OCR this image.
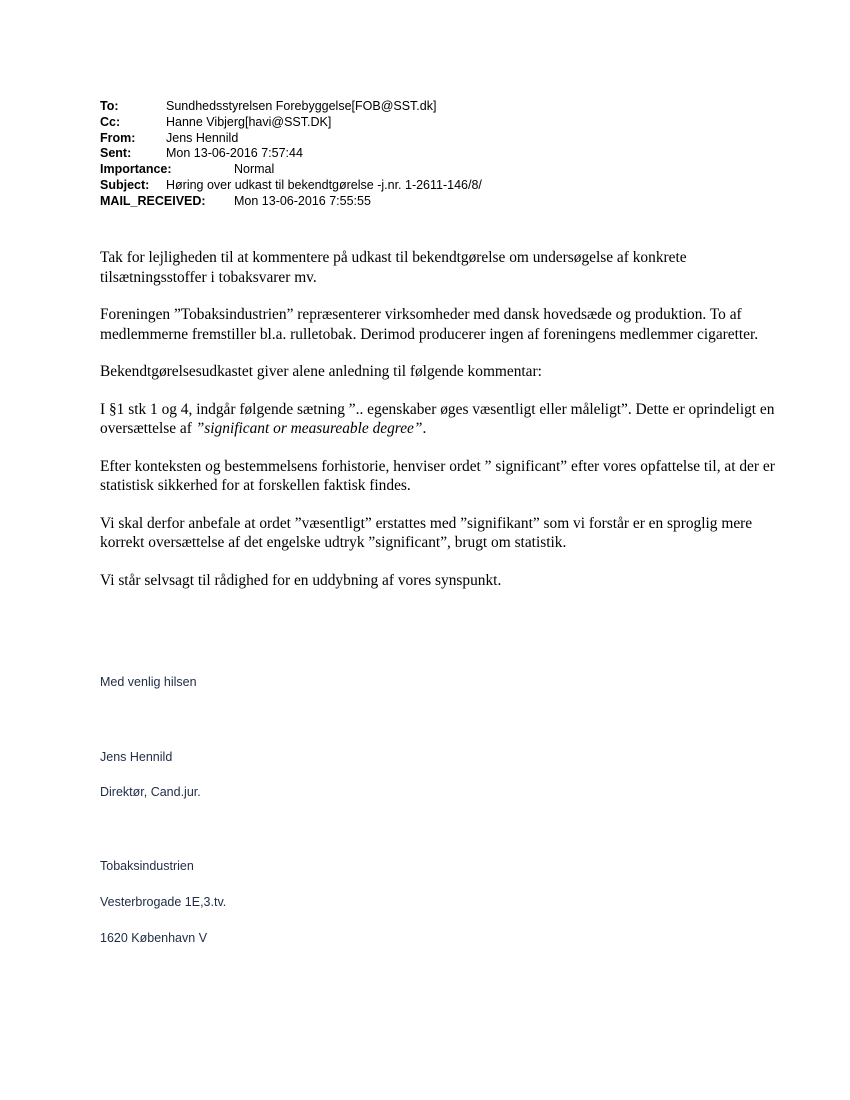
To:	Sundhedsstyrelsen Forebyggelse[FOB@SST.dk]
Cc:	Hanne Vibjerg[havi@SST.DK]
From: Jens Hennild
Sent:	Mon 13-06-2016 7:57:44
Importance:	Normal
Subject: Høring over udkast til bekendtgørelse -j.nr. 1-2611-146/8/
MAIL_RECEIVED: Mon 13-06-2016 7:55:55

Tak for lejligheden til at kommentere på udkast til bekendtgørelse om undersøgelse af konkrete tilsætningsstoffer i tobaksvarer mv.

Foreningen ”Tobaksindustrien” repræsenterer virksomheder med dansk hovedsæde og produktion. To af medlemmerne fremstiller bl.a. rulletobak. Derimod producerer ingen af foreningens medlemmer cigaretter.

Bekendtgørelsesudkastet giver alene anledning til følgende kommentar:

I §1 stk 1 og 4, indgår følgende sætning ”.. egenskaber øges væsentligt eller måleligt”. Dette er oprindeligt en oversættelse af ”significant or measureable degree”.

Efter konteksten og bestemmelsens forhistorie, henviser ordet ” significant” efter vores opfattelse til, at der er statistisk sikkerhed for at forskellen faktisk findes.

Vi skal derfor anbefale at ordet ”væsentligt” erstattes med ”signifikant” som vi forstår er en sproglig mere korrekt oversættelse af det engelske udtryk ”significant”, brugt om statistik.

Vi står selvsagt til rådighed for en uddybning af vores synspunkt.

Med venlig hilsen
Jens Hennild
Direktør, Cand.jur.
Tobaksindustrien
Vesterbrogade 1E,3.tv.
1620 København V
